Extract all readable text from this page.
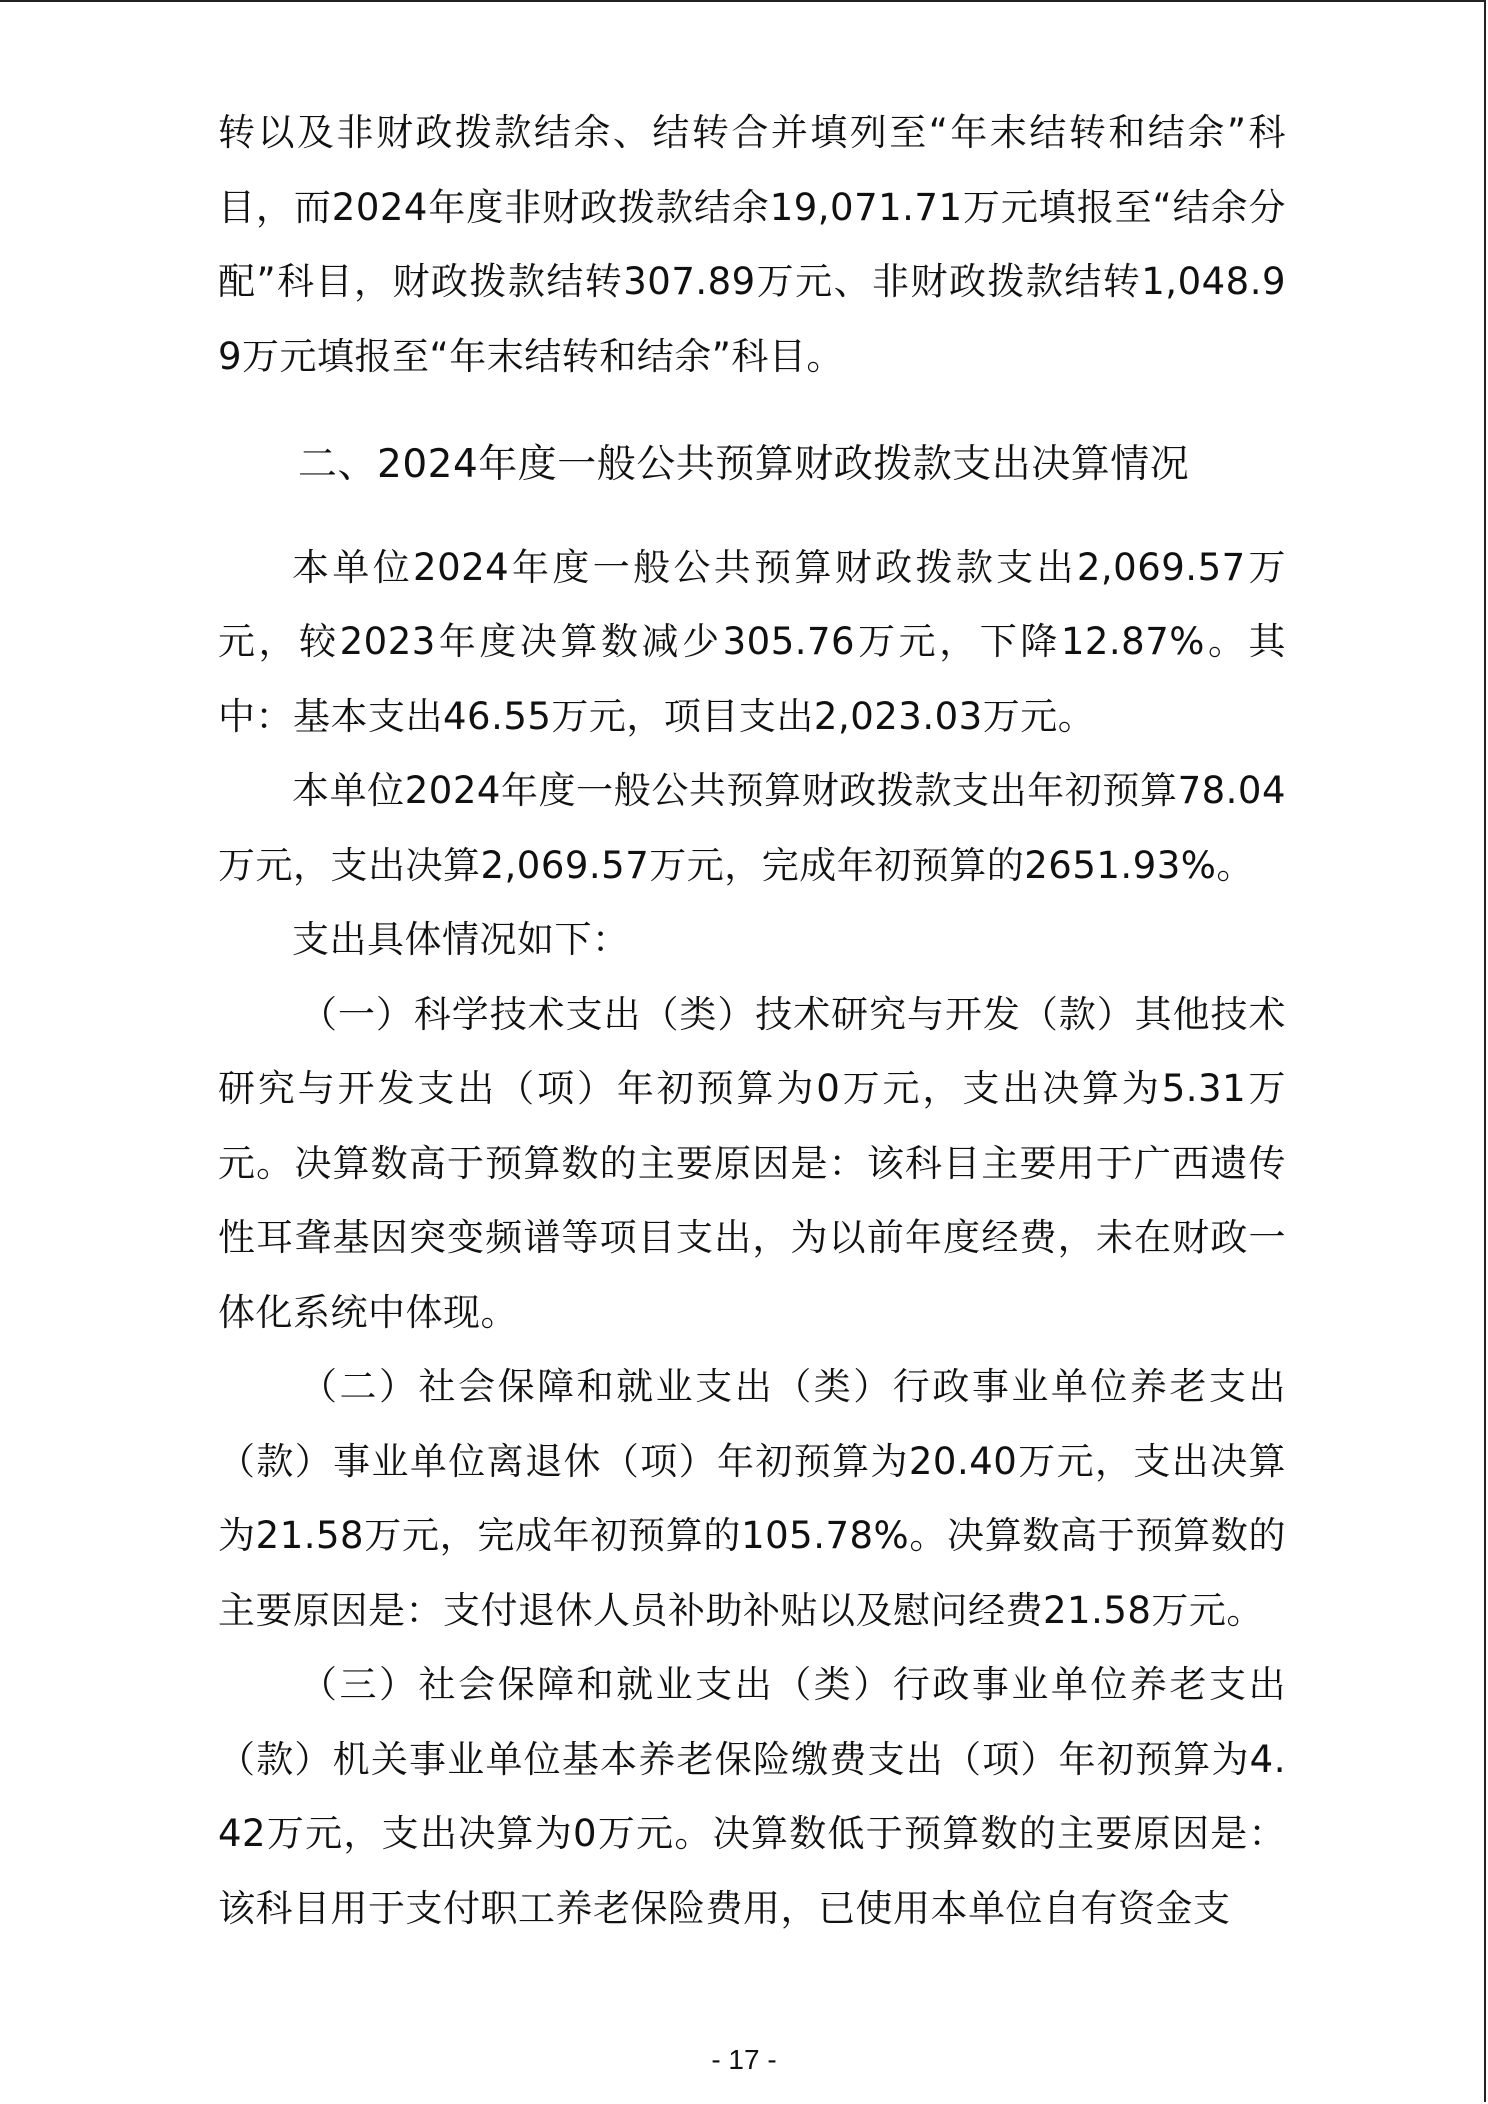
转以及非财政拨款结余、结转合并填列至“年末结转和结余”科目，而2024年度非财政拨款结余19,071.71万元填报至“结余分配”科目，财政拨款结转307.89万元、非财政拨款结转1,048.99万元填报至“年末结转和结余”科目。

二、2024年度一般公共预算财政拨款支出决算情况

本单位2024年度一般公共预算财政拨款支出2,069.57万元，较2023年度决算数减少305.76万元，下降12.87%。其中：基本支出46.55万元，项目支出2,023.03万元。

本单位2024年度一般公共预算财政拨款支出年初预算78.04万元，支出决算2,069.57万元，完成年初预算的2651.93%。

支出具体情况如下：

（一）科学技术支出（类）技术研究与开发（款）其他技术研究与开发支出（项）年初预算为0万元，支出决算为5.31万元。决算数高于预算数的主要原因是：该科目主要用于广西遗传性耳聋基因突变频谱等项目支出，为以前年度经费，未在财政一体化系统中体现。

（二）社会保障和就业支出（类）行政事业单位养老支出（款）事业单位离退休（项）年初预算为20.40万元，支出决算为21.58万元，完成年初预算的105.78%。决算数高于预算数的主要原因是：支付退休人员补助补贴以及慰问经费21.58万元。

（三）社会保障和就业支出（类）行政事业单位养老支出（款）机关事业单位基本养老保险缴费支出（项）年初预算为4.42万元，支出决算为0万元。决算数低于预算数的主要原因是：该科目用于支付职工养老保险费用，已使用本单位自有资金支

- 17 -
